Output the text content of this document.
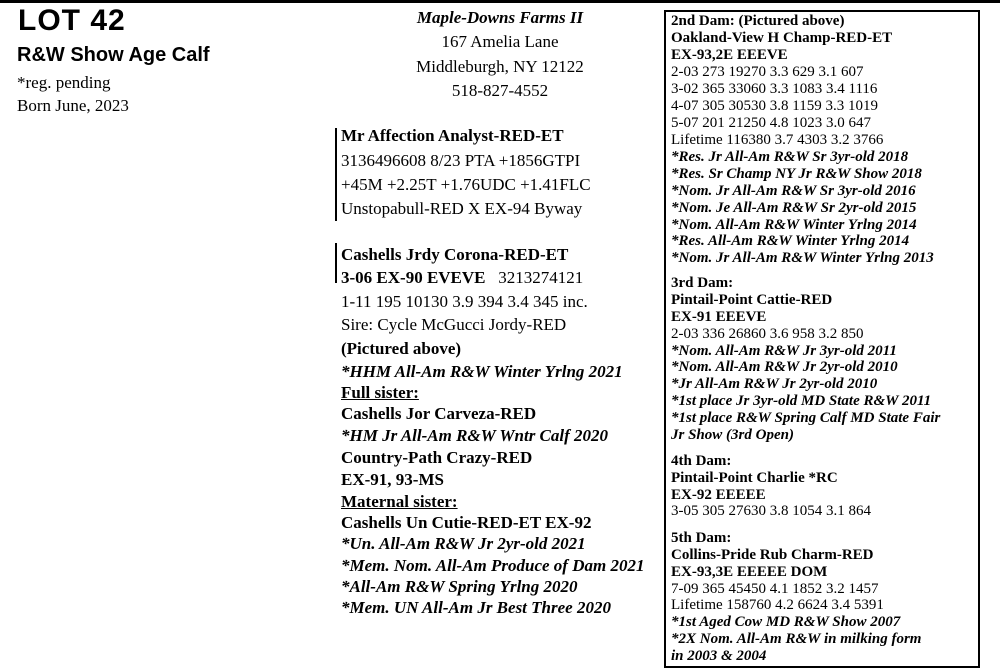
LOT 42
R&W Show Age Calf
*reg. pending
Born June, 2023
Maple-Downs Farms II
167 Amelia Lane
Middleburgh, NY 12122
518-827-4552
Mr Affection Analyst-RED-ET
3136496608 8/23 PTA +1856GTPI
+45M +2.25T +1.76UDC +1.41FLC
Unstopabull-RED X EX-94 Byway
Cashells Jrdy Corona-RED-ET
3-06 EX-90 EVEVE 3213274121
1-11 195 10130 3.9 394 3.4 345 inc.
Sire: Cycle McGucci Jordy-RED
(Pictured above)
*HHM All-Am R&W Winter Yrlng 2021
Full sister:
Cashells Jor Carveza-RED
*HM Jr All-Am R&W Wntr Calf 2020
Country-Path Crazy-RED
EX-91, 93-MS
Maternal sister:
Cashells Un Cutie-RED-ET EX-92
*Un. All-Am R&W Jr 2yr-old 2021
*Mem. Nom. All-Am Produce of Dam 2021
*All-Am R&W Spring Yrlng 2020
*Mem. UN All-Am Jr Best Three 2020
2nd Dam: (Pictured above)
Oakland-View H Champ-RED-ET
EX-93,2E EEEVE
2-03 273 19270 3.3 629 3.1 607
3-02 365 33060 3.3 1083 3.4 1116
4-07 305 30530 3.8 1159 3.3 1019
5-07 201 21250 4.8 1023 3.0 647
Lifetime 116380 3.7 4303 3.2 3766
*Res. Jr All-Am R&W Sr 3yr-old 2018
*Res. Sr Champ NY Jr R&W Show 2018
*Nom. Jr All-Am R&W Sr 3yr-old 2016
*Nom. Je All-Am R&W Sr 2yr-old 2015
*Nom. All-Am R&W Winter Yrlng 2014
*Res. All-Am R&W Winter Yrlng 2014
*Nom. Jr All-Am R&W Winter Yrlng 2013
3rd Dam:
Pintail-Point Cattie-RED
EX-91 EEEVE
2-03 336 26860 3.6 958 3.2 850
*Nom. All-Am R&W Jr 3yr-old 2011
*Nom. All-Am R&W Jr 2yr-old 2010
*Jr All-Am R&W Jr 2yr-old 2010
*1st place Jr 3yr-old MD State R&W 2011
*1st place R&W Spring Calf MD State Fair
Jr Show (3rd Open)
4th Dam:
Pintail-Point Charlie *RC
EX-92 EEEEE
3-05 305 27630 3.8 1054 3.1 864
5th Dam:
Collins-Pride Rub Charm-RED
EX-93,3E EEEEE DOM
7-09 365 45450 4.1 1852 3.2 1457
Lifetime 158760 4.2 6624 3.4 5391
*1st Aged Cow MD R&W Show 2007
*2X Nom. All-Am R&W in milking form
in 2003 & 2004
